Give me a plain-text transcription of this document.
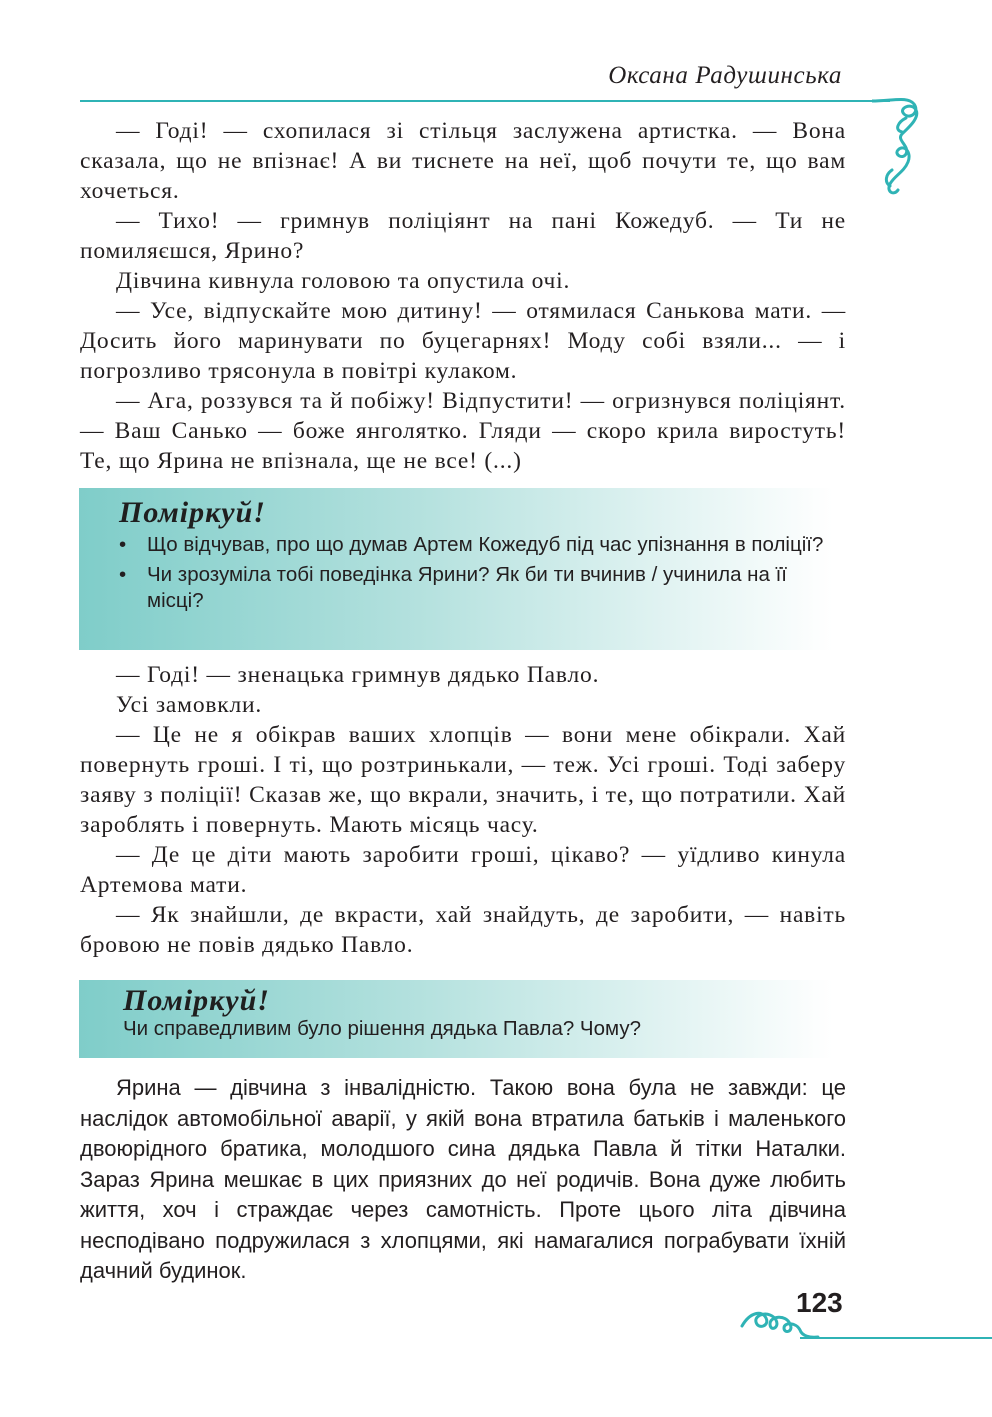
Оксана Радушинська

— Годі! — схопилася зі стільця заслужена артистка. — Вона сказала, що не впізнає! А ви тиснете на неї, щоб почути те, що вам хочеться.

— Тихо! — гримнув поліціянт на пані Кожедуб. — Ти не помиляєшся, Ярино?

Дівчина кивнула головою та опустила очі.

— Усе, відпускайте мою дитину! — отямилася Санькова мати. — Досить його маринувати по буцегарнях! Моду собі взяли... — і погрозливо трясонула в повітрі кулаком.

— Ага, роззувся та й побіжу! Відпустити! — огризнувся поліціянт. — Ваш Санько — боже янголятко. Гляди — скоро крила виростуть! Те, що Ярина не впізнала, ще не все! (...)

Поміркуй!

• Що відчував, про що думав Артем Кожедуб під час упізнання в поліції?
• Чи зрозуміла тобі поведінка Ярини? Як би ти вчинив / учинила на її місці?

— Годі! — зненацька гримнув дядько Павло.

Усі замовкли.

— Це не я обікрав ваших хлопців — вони мене обікрали. Хай повернуть гроші. І ті, що розтринькали, — теж. Усі гроші. Тоді заберу заяву з поліції! Сказав же, що вкрали, значить, і те, що потратили. Хай зароблять і повернуть. Мають місяць часу.

— Де це діти мають заробити гроші, цікаво? — уїдливо кинула Артемова мати.

— Як знайшли, де вкрасти, хай знайдуть, де заробити, — навіть бровою не повів дядько Павло.

Поміркуй!

Чи справедливим було рішення дядька Павла? Чому?

Ярина — дівчина з інвалідністю. Такою вона була не завжди: це наслідок автомобільної аварії, у якій вона втратила батьків і маленького двоюрідного братика, молодшого сина дядька Павла й тітки Наталки. Зараз Ярина мешкає в цих приязних до неї родичів. Вона дуже любить життя, хоч і страждає через самотність. Проте цього літа дівчина несподівано подружилася з хлопцями, які намагалися пограбувати їхній дачний будинок.

123
